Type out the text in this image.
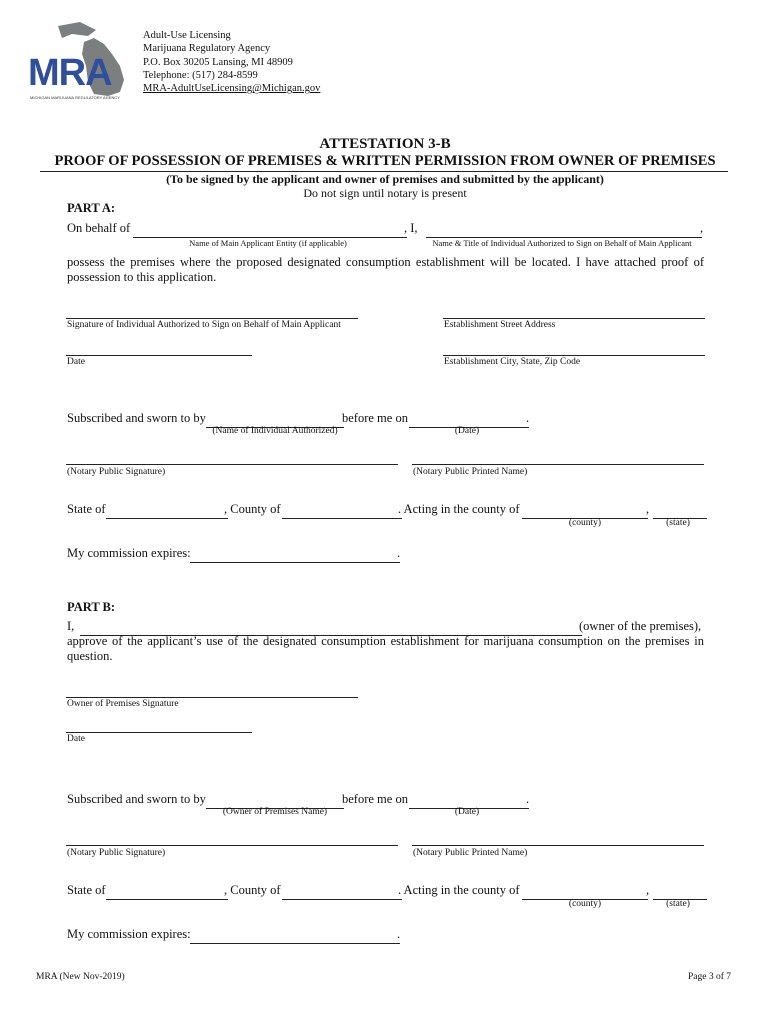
MRA
MICHIGAN MARIJUANA REGULATORY AGENCY
Adult-Use Licensing
Marijuana Regulatory Agency
P.O. Box 30205 Lansing, MI 48909
Telephone: (517) 284-8599
MRA-AdultUseLicensing@Michigan.gov
ATTESTATION 3-B
PROOF OF POSSESSION OF PREMISES & WRITTEN PERMISSION FROM OWNER OF PREMISES
(To be signed by the applicant and owner of premises and submitted by the applicant)
Do not sign until notary is present
PART A:
On behalf of	, I,	,
Name of Main Applicant Entity (if applicable)	Name & Title of Individual Authorized to Sign on Behalf of Main Applicant
possess the premises where the proposed designated consumption establishment will be located. I have attached proof of possession to this application.
Signature of Individual Authorized to Sign on Behalf of Main Applicant	Establishment Street Address
Date	Establishment City, State, Zip Code
Subscribed and sworn to by	before me on	.
(Name of Individual Authorized)	(Date)
(Notary Public Signature)	(Notary Public Printed Name)
State of	, County of	. Acting in the county of	,
(county)	(state)
My commission expires:	.
PART B:
I,	(owner of the premises),
approve of the applicant’s use of the designated consumption establishment for marijuana consumption on the premises in question.
Owner of Premises Signature
Date
Subscribed and sworn to by	before me on	.
(Owner of Premises Name)	(Date)
(Notary Public Signature)	(Notary Public Printed Name)
State of	, County of	. Acting in the county of	,
(county)	(state)
My commission expires:	.
MRA (New Nov-2019)	Page 3 of 7
